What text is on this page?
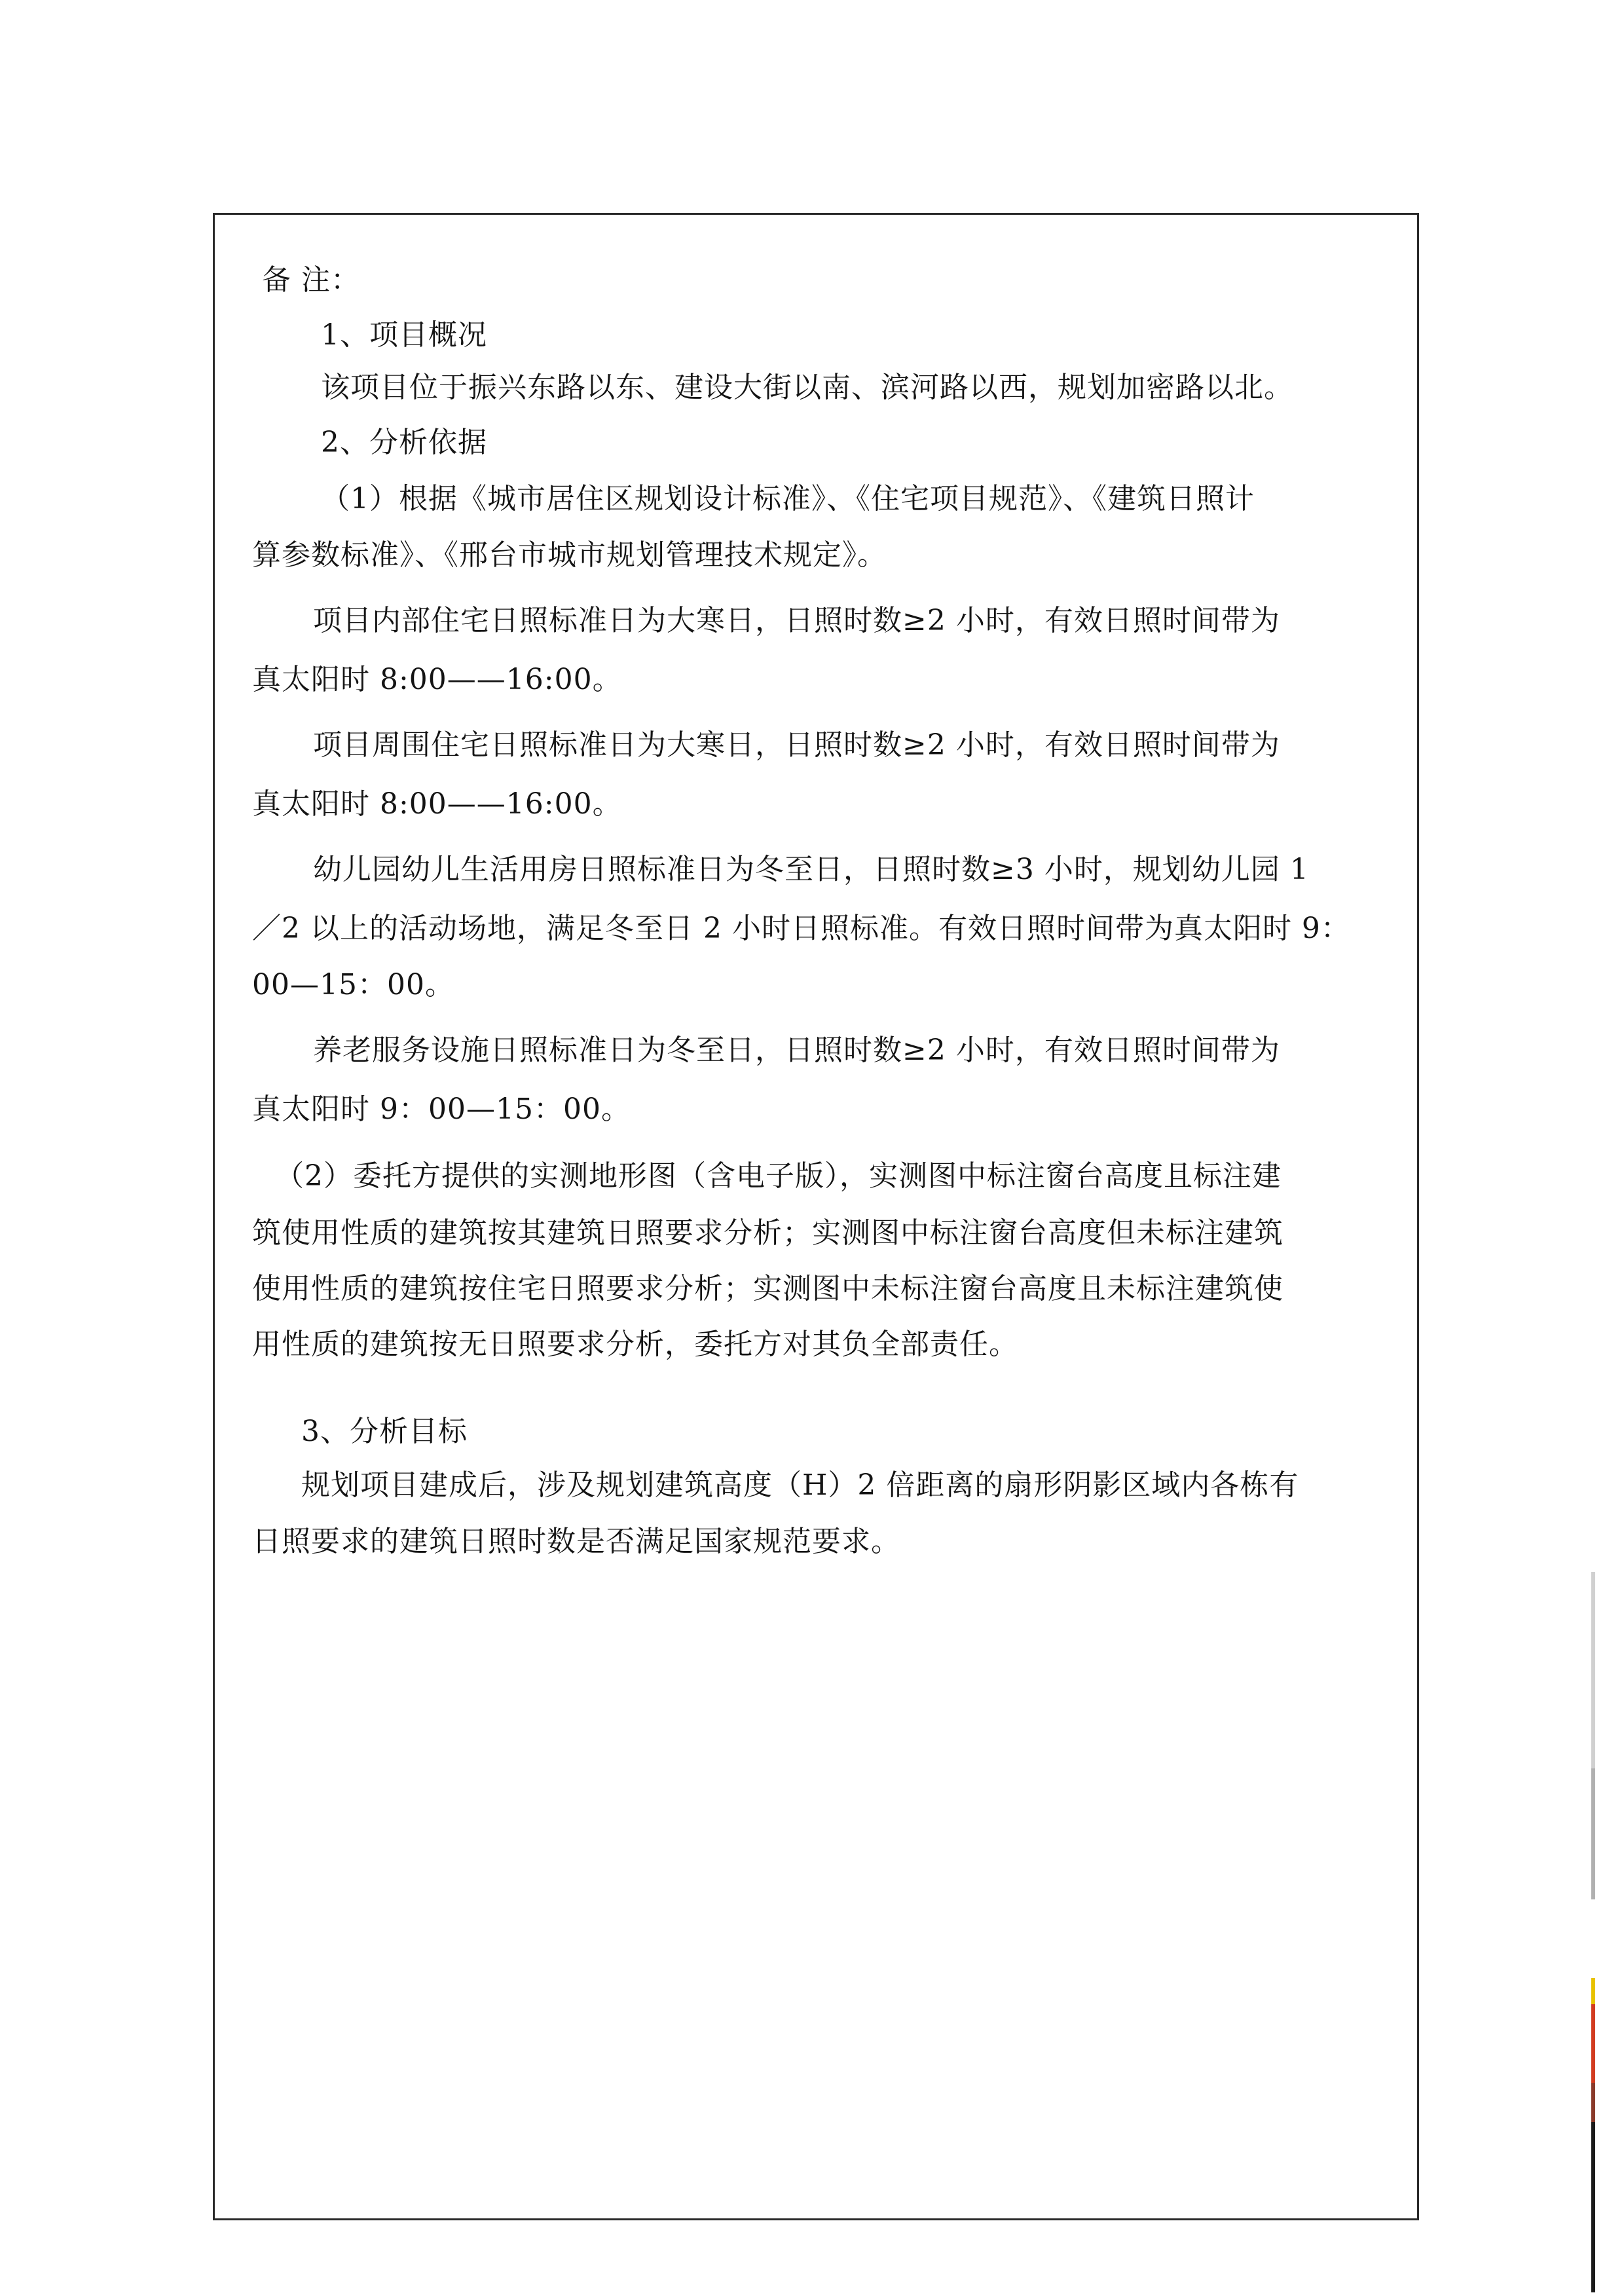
备 注：
1、项目概况
该项目位于振兴东路以东、建设大街以南、滨河路以西，规划加密路以北。
2、分析依据
（1）根据《城市居住区规划设计标准》、《住宅项目规范》、《建筑日照计
算参数标准》、《邢台市城市规划管理技术规定》。
项目内部住宅日照标准日为大寒日，日照时数≥2 小时，有效日照时间带为
真太阳时 8:00——16:00。
项目周围住宅日照标准日为大寒日，日照时数≥2 小时，有效日照时间带为
真太阳时 8:00——16:00。
幼儿园幼儿生活用房日照标准日为冬至日，日照时数≥3 小时，规划幼儿园 1
／2 以上的活动场地，满足冬至日 2 小时日照标准。有效日照时间带为真太阳时 9：
00—15：00。
养老服务设施日照标准日为冬至日，日照时数≥2 小时，有效日照时间带为
真太阳时 9：00—15：00。
（2）委托方提供的实测地形图（含电子版），实测图中标注窗台高度且标注建
筑使用性质的建筑按其建筑日照要求分析；实测图中标注窗台高度但未标注建筑
使用性质的建筑按住宅日照要求分析；实测图中未标注窗台高度且未标注建筑使
用性质的建筑按无日照要求分析，委托方对其负全部责任。
3、分析目标
规划项目建成后，涉及规划建筑高度（H）2 倍距离的扇形阴影区域内各栋有
日照要求的建筑日照时数是否满足国家规范要求。
